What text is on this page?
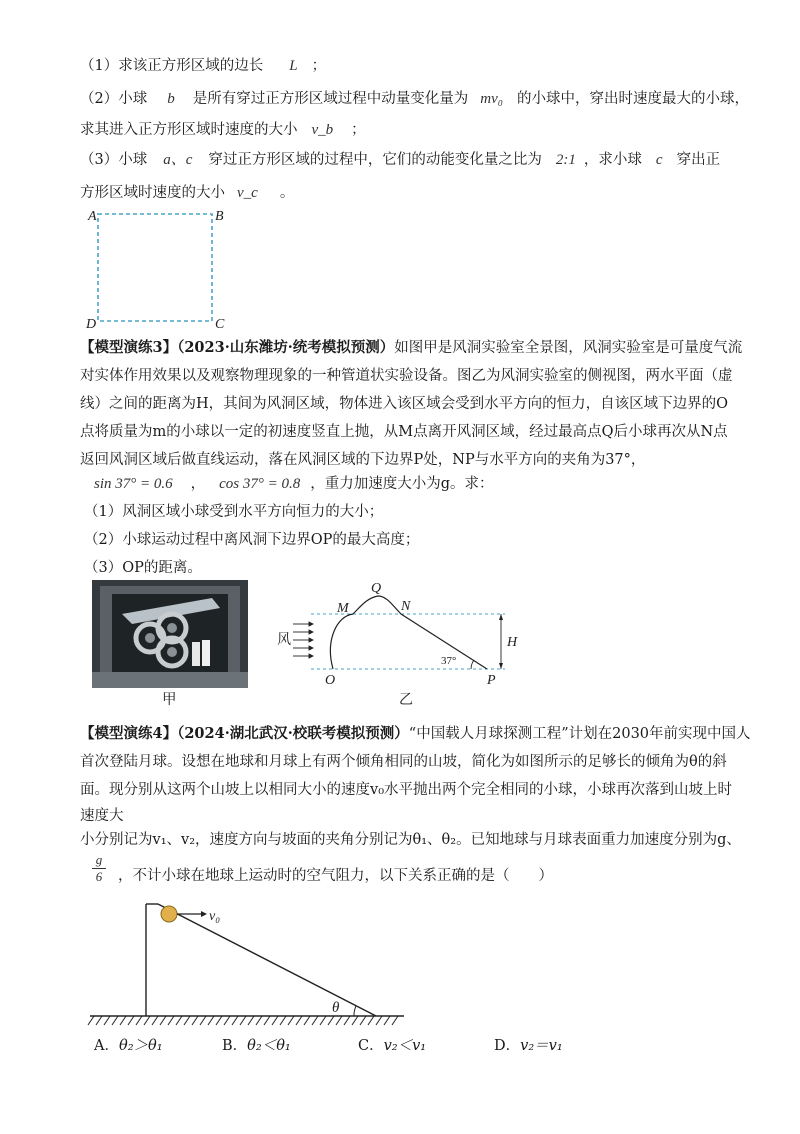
（1）求该正方形区域的边长 L ；
（2）小球 b 是所有穿过正方形区域过程中动量变化量为 mv₀ 的小球中，穿出时速度最大的小球，
求其进入正方形区域时速度的大小 v_b ；
（3）小球 a、c 穿过正方形区域的过程中，它们的动能变化量之比为 2:1 ，求小球 c 穿出正
方形区域时速度的大小 v_c 。
A	B
D	C
【模型演练3】（2023·山东潍坊·统考模拟预测）如图甲是风洞实验室全景图，风洞实验室是可量度气流
对实体作用效果以及观察物理现象的一种管道状实验设备。图乙为风洞实验室的侧视图，两水平面（虚
线）之间的距离为H，其间为风洞区域，物体进入该区域会受到水平方向的恒力，自该区域下边界的O
点将质量为m的小球以一定的初速度竖直上抛，从M点离开风洞区域，经过最高点Q后小球再次从N点
返回风洞区域后做直线运动，落在风洞区域的下边界P处，NP与水平方向的夹角为37°，
sin 37° = 0.6 ， cos 37° = 0.8 ，重力加速度大小为g。求：
（1）风洞区域小球受到水平方向恒力的大小；
（2）小球运动过程中离风洞下边界OP的最大高度；
（3）OP的距离。
甲
风
37°
H
M
Q
N
O	P
乙
【模型演练4】（2024·湖北武汉·校联考模拟预测）“中国载人月球探测工程”计划在2030年前实现中国人
首次登陆月球。设想在地球和月球上有两个倾角相同的山坡，简化为如图所示的足够长的倾角为θ的斜
面。现分别从这两个山坡上以相同大小的速度v₀水平抛出两个完全相同的小球，小球再次落到山坡上时
速度大
小分别记为v₁、v₂，速度方向与坡面的夹角分别记为θ₁、θ₂。已知地球与月球表面重力加速度分别为g、
g
6 ，不计小球在地球上运动时的空气阻力，以下关系正确的是（　　）
v₀
θ
A．θ₂＞θ₁	B．θ₂＜θ₁	C．v₂＜v₁	D．v₂＝v₁
